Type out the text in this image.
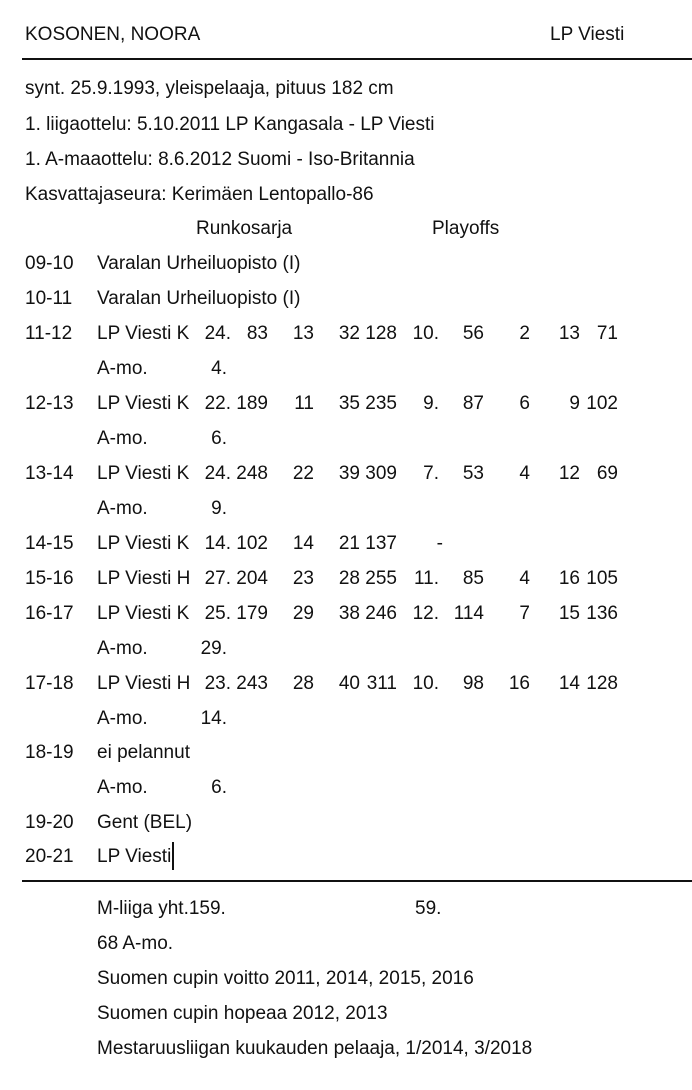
KOSONEN, NOORA	LP Viesti
synt. 25.9.1993, yleispelaaja, pituus 182 cm
1. liigaottelu: 5.10.2011 LP Kangasala - LP Viesti
1. A-maaottelu: 8.6.2012 Suomi - Iso-Britannia
Kasvattajaseura: Kerimäen Lentopallo-86
Runkosarja	Playoffs
09-10 Varalan Urheiluopisto (I)
10-11 Varalan Urheiluopisto (I)
11-12 LP Viesti K 24. 83 13 32 128 10. 56 2 13 71
A-mo.	4.
12-13 LP Viesti K 22. 189 11 35 235 9. 87 6 9 102
A-mo.	6.
13-14 LP Viesti K 24. 248 22 39 309 7. 53 4 12 69
A-mo.	9.
14-15 LP Viesti K 14. 102 14 21 137 -
15-16 LP Viesti H 27. 204 23 28 255 11. 85 4 16 105
16-17 LP Viesti K 25. 179 29 38 246 12. 114 7 15 136
A-mo.	29.
17-18 LP Viesti H 23. 243 28 40 311 10. 98 16 14 128
A-mo.	14.
18-19 ei pelannut
A-mo.	6.
19-20 Gent (BEL)
20-21 LP Viesti
M-liiga yht.159.	59.
68 A-mo.
Suomen cupin voitto 2011, 2014, 2015, 2016
Suomen cupin hopeaa 2012, 2013
Mestaruusliigan kuukauden pelaaja, 1/2014, 3/2018
